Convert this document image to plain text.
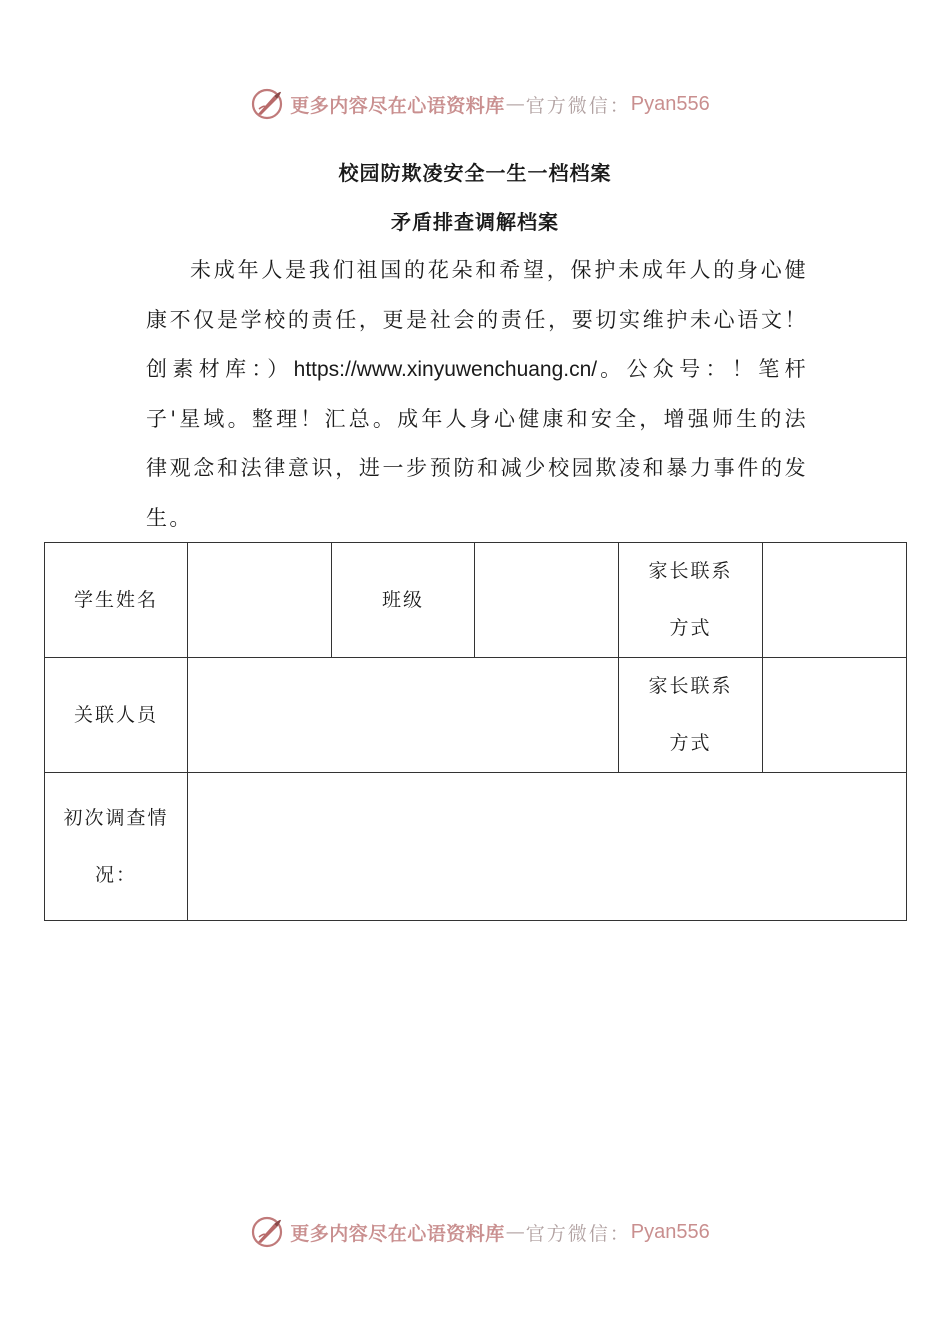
更多内容尽在心语资料库 — 官方微信： Pyan556
校园防欺凌安全一生一档档案
矛盾排查调解档案
未成年人是我们祖国的花朵和希望，保护未成年人的身心健康不仅是学校的责任，更是社会的责任，要切实维护未心语文！创素材库：）https://www.xinyuwenchuang.cn/。公众号：！笔杆子'星域。整理！汇总。成年人身心健康和安全，增强师生的法律观念和法律意识，进一步预防和减少校园欺凌和暴力事件的发生。
学生姓名		班级		家长联系方式	
关联人员				家长联系方式	
初次调查情况：					
更多内容尽在心语资料库 — 官方微信： Pyan556
